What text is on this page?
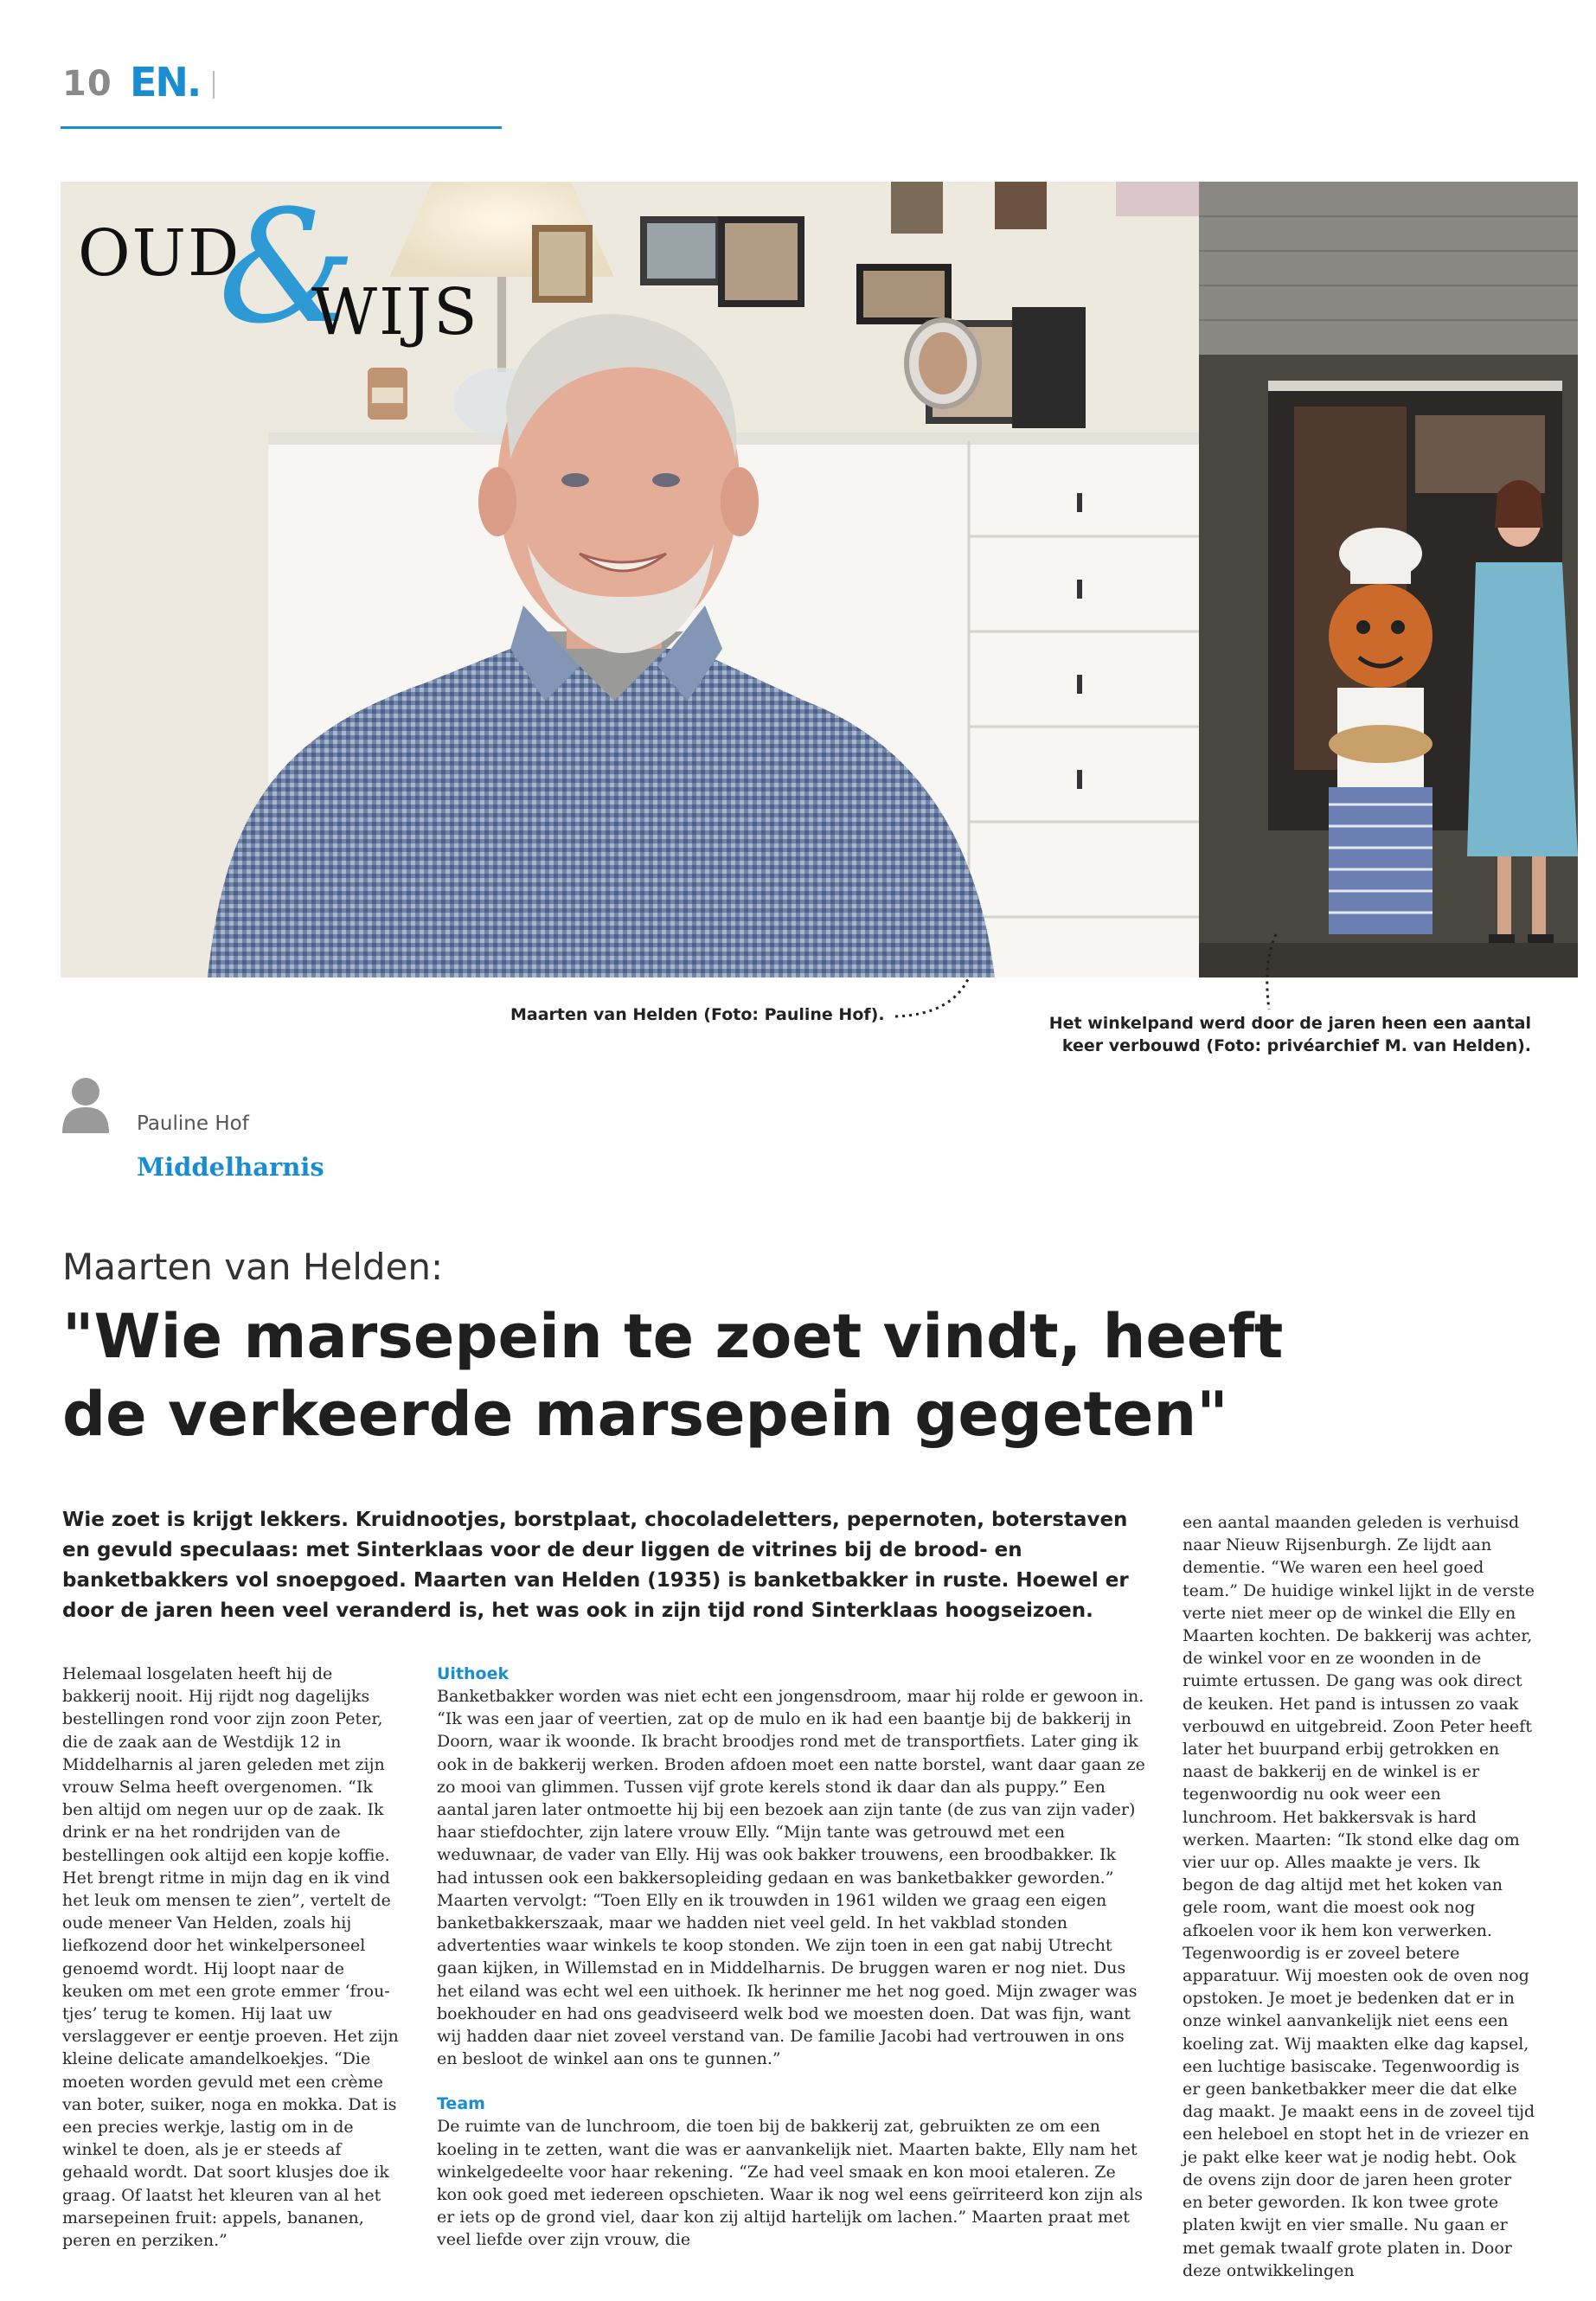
10 EN.
&
OUD
WIJS
Maarten van Helden (Foto: Pauline Hof).	Het winkelpand werd door de jaren heen een aantal
keer verbouwd (Foto: privéarchief M. van Helden).
Pauline Hof
Middelharnis
Maarten van Helden:
"Wie marsepein te zoet vindt, heeft
de verkeerde marsepein gegeten"

Wie zoet is krijgt lekkers. Kruidnootjes, borstplaat, chocoladeletters, pepernoten, boterstaven en gevuld speculaas: met Sinterklaas voor de deur liggen de vitrines bij de brood- en banketbakkers vol snoepgoed. Maarten van Helden (1935) is banketbakker in ruste. Hoewel er door de jaren heen veel veranderd is, het was ook in zijn tijd rond Sinterklaas hoogseizoen.

Helemaal losgelaten heeft hij de bakkerij nooit. Hij rijdt nog dagelijks bestellingen rond voor zijn zoon Peter, die de zaak aan de Westdijk 12 in Middelharnis al jaren geleden met zijn vrouw Selma heeft overgenomen. “Ik ben altijd om negen uur op de zaak. Ik drink er na het rondrijden van de bestellingen ook altijd een kopje koffie. Het brengt ritme in mijn dag en ik vind het leuk om mensen te zien”, vertelt de oude meneer Van Helden, zoals hij liefkozend door het winkelpersoneel genoemd wordt. Hij loopt naar de keuken om met een grote emmer ‘frou-tjes’ terug te komen. Hij laat uw verslaggever er eentje proeven. Het zijn kleine delicate amandelkoekjes. “Die moeten worden gevuld met een crème van boter, suiker, noga en mokka. Dat is een precies werkje, lastig om in de winkel te doen, als je er steeds af gehaald wordt. Dat soort klusjes doe ik graag. Of laatst het kleuren van al het marsepeinen fruit: appels, bananen, peren en perziken.”

Uithoek

Banketbakker worden was niet echt een jongensdroom, maar hij rolde er gewoon in. “Ik was een jaar of veertien, zat op de mulo en ik had een baantje bij de bakkerij in Doorn, waar ik woonde. Ik bracht broodjes rond met de transportfiets. Later ging ik ook in de bakkerij werken. Broden afdoen moet een natte borstel, want daar gaan ze zo mooi van glimmen. Tussen vijf grote kerels stond ik daar dan als puppy.” Een aantal jaren later ontmoette hij bij een bezoek aan zijn tante (de zus van zijn vader) haar stiefdochter, zijn latere vrouw Elly. “Mijn tante was getrouwd met een weduwnaar, de vader van Elly. Hij was ook bakker trouwens, een broodbakker. Ik had intussen ook een bakkersopleiding gedaan en was banketbakker geworden.”

Maarten vervolgt: “Toen Elly en ik trouwden in 1961 wilden we graag een eigen banketbakkerszaak, maar we hadden niet veel geld. In het vakblad stonden advertenties waar winkels te koop stonden. We zijn toen in een gat nabij Utrecht gaan kijken, in Willemstad en in Middelharnis. De bruggen waren er nog niet. Dus het eiland was echt wel een uithoek. Ik herinner me het nog goed. Mijn zwager was boekhouder en had ons geadviseerd welk bod we moesten doen. Dat was fijn, want wij hadden daar niet zoveel verstand van. De familie Jacobi had vertrouwen in ons en besloot de winkel aan ons te gunnen.”

Team

De ruimte van de lunchroom, die toen bij de bakkerij zat, gebruikten ze om een koeling in te zetten, want die was er aanvankelijk niet. Maarten bakte, Elly nam het winkelgedeelte voor haar rekening. “Ze had veel smaak en kon mooi etaleren. Ze kon ook goed met iedereen opschieten. Waar ik nog wel eens geïrriteerd kon zijn als er iets op de grond viel, daar kon zij altijd hartelijk om lachen.” Maarten praat met veel liefde over zijn vrouw, die

een aantal maanden geleden is verhuisd naar Nieuw Rijsenburgh. Ze lijdt aan dementie. “We waren een heel goed team.” De huidige winkel lijkt in de verste verte niet meer op de winkel die Elly en Maarten kochten. De bakkerij was achter, de winkel voor en ze woonden in de ruimte ertussen. De gang was ook direct de keuken. Het pand is intussen zo vaak verbouwd en uitgebreid. Zoon Peter heeft later het buurpand erbij getrokken en naast de bakkerij en de winkel is er tegenwoordig nu ook weer een lunchroom. Het bakkersvak is hard werken. Maarten: “Ik stond elke dag om vier uur op. Alles maakte je vers. Ik begon de dag altijd met het koken van gele room, want die moest ook nog afkoelen voor ik hem kon verwerken. Tegenwoordig is er zoveel betere apparatuur. Wij moesten ook de oven nog opstoken. Je moet je bedenken dat er in onze winkel aanvankelijk niet eens een koeling zat. Wij maakten elke dag kapsel, een luchtige basiscake. Tegenwoordig is er geen banketbakker meer die dat elke dag maakt. Je maakt eens in de zoveel tijd een heleboel en stopt het in de vriezer en je pakt elke keer wat je nodig hebt. Ook de ovens zijn door de jaren heen groter en beter geworden. Ik kon twee grote platen kwijt en vier smalle. Nu gaan er met gemak twaalf grote platen in. Door deze ontwikkelingen
